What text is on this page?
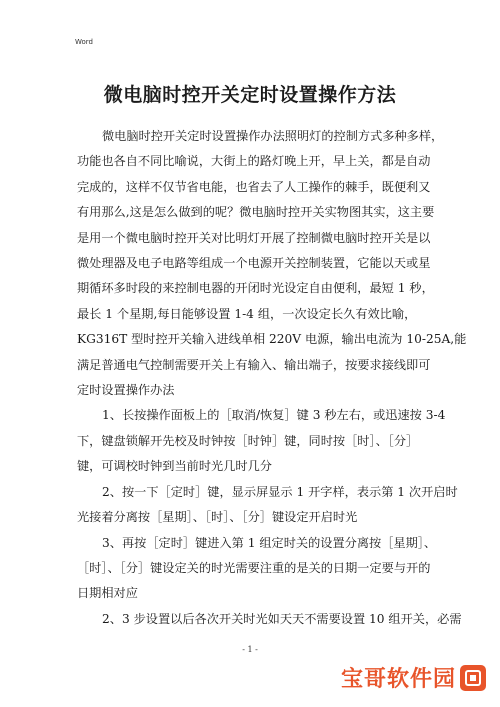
Word
微电脑时控开关定时设置操作方法
微电脑时控开关定时设置操作办法照明灯的控制方式多种多样，
功能也各自不同比喻说，大街上的路灯晚上开，早上关，都是自动
完成的，这样不仅节省电能，也省去了人工操作的棘手，既便利又
有用那么,这是怎么做到的呢？微电脑时控开关实物图其实，这主要
是用一个微电脑时控开关对比明灯开展了控制微电脑时控开关是以
微处理器及电子电路等组成一个电源开关控制装置，它能以天或星
期循环多时段的来控制电器的开闭时光设定自由便利，最短 1 秒，
最长 1 个星期,每日能够设置 1-4 组，一次设定长久有效比喻，
KG316T 型时控开关输入进线单相 220V 电源，输出电流为 10-25A,能
满足普通电气控制需要开关上有输入、输出端子，按要求接线即可
定时设置操作办法
1、长按操作面板上的［取消/恢复］键 3 秒左右，或迅速按 3-4
下，键盘锁解开先校及时钟按［时钟］键，同时按［时］、［分］
键，可调校时钟到当前时光几时几分
2、按一下［定时］键，显示屏显示 1 开字样，表示第 1 次开启时
光接着分离按［星期］、［时］、［分］键设定开启时光
3、再按［定时］键进入第 1 组定时关的设置分离按［星期］、
［时］、［分］键设定关的时光需要注重的是关的日期一定要与开的
日期相对应
2、3 步设置以后各次开关时光如天天不需要设置 10 组开关，必需
- 1 -
宝哥软件园
